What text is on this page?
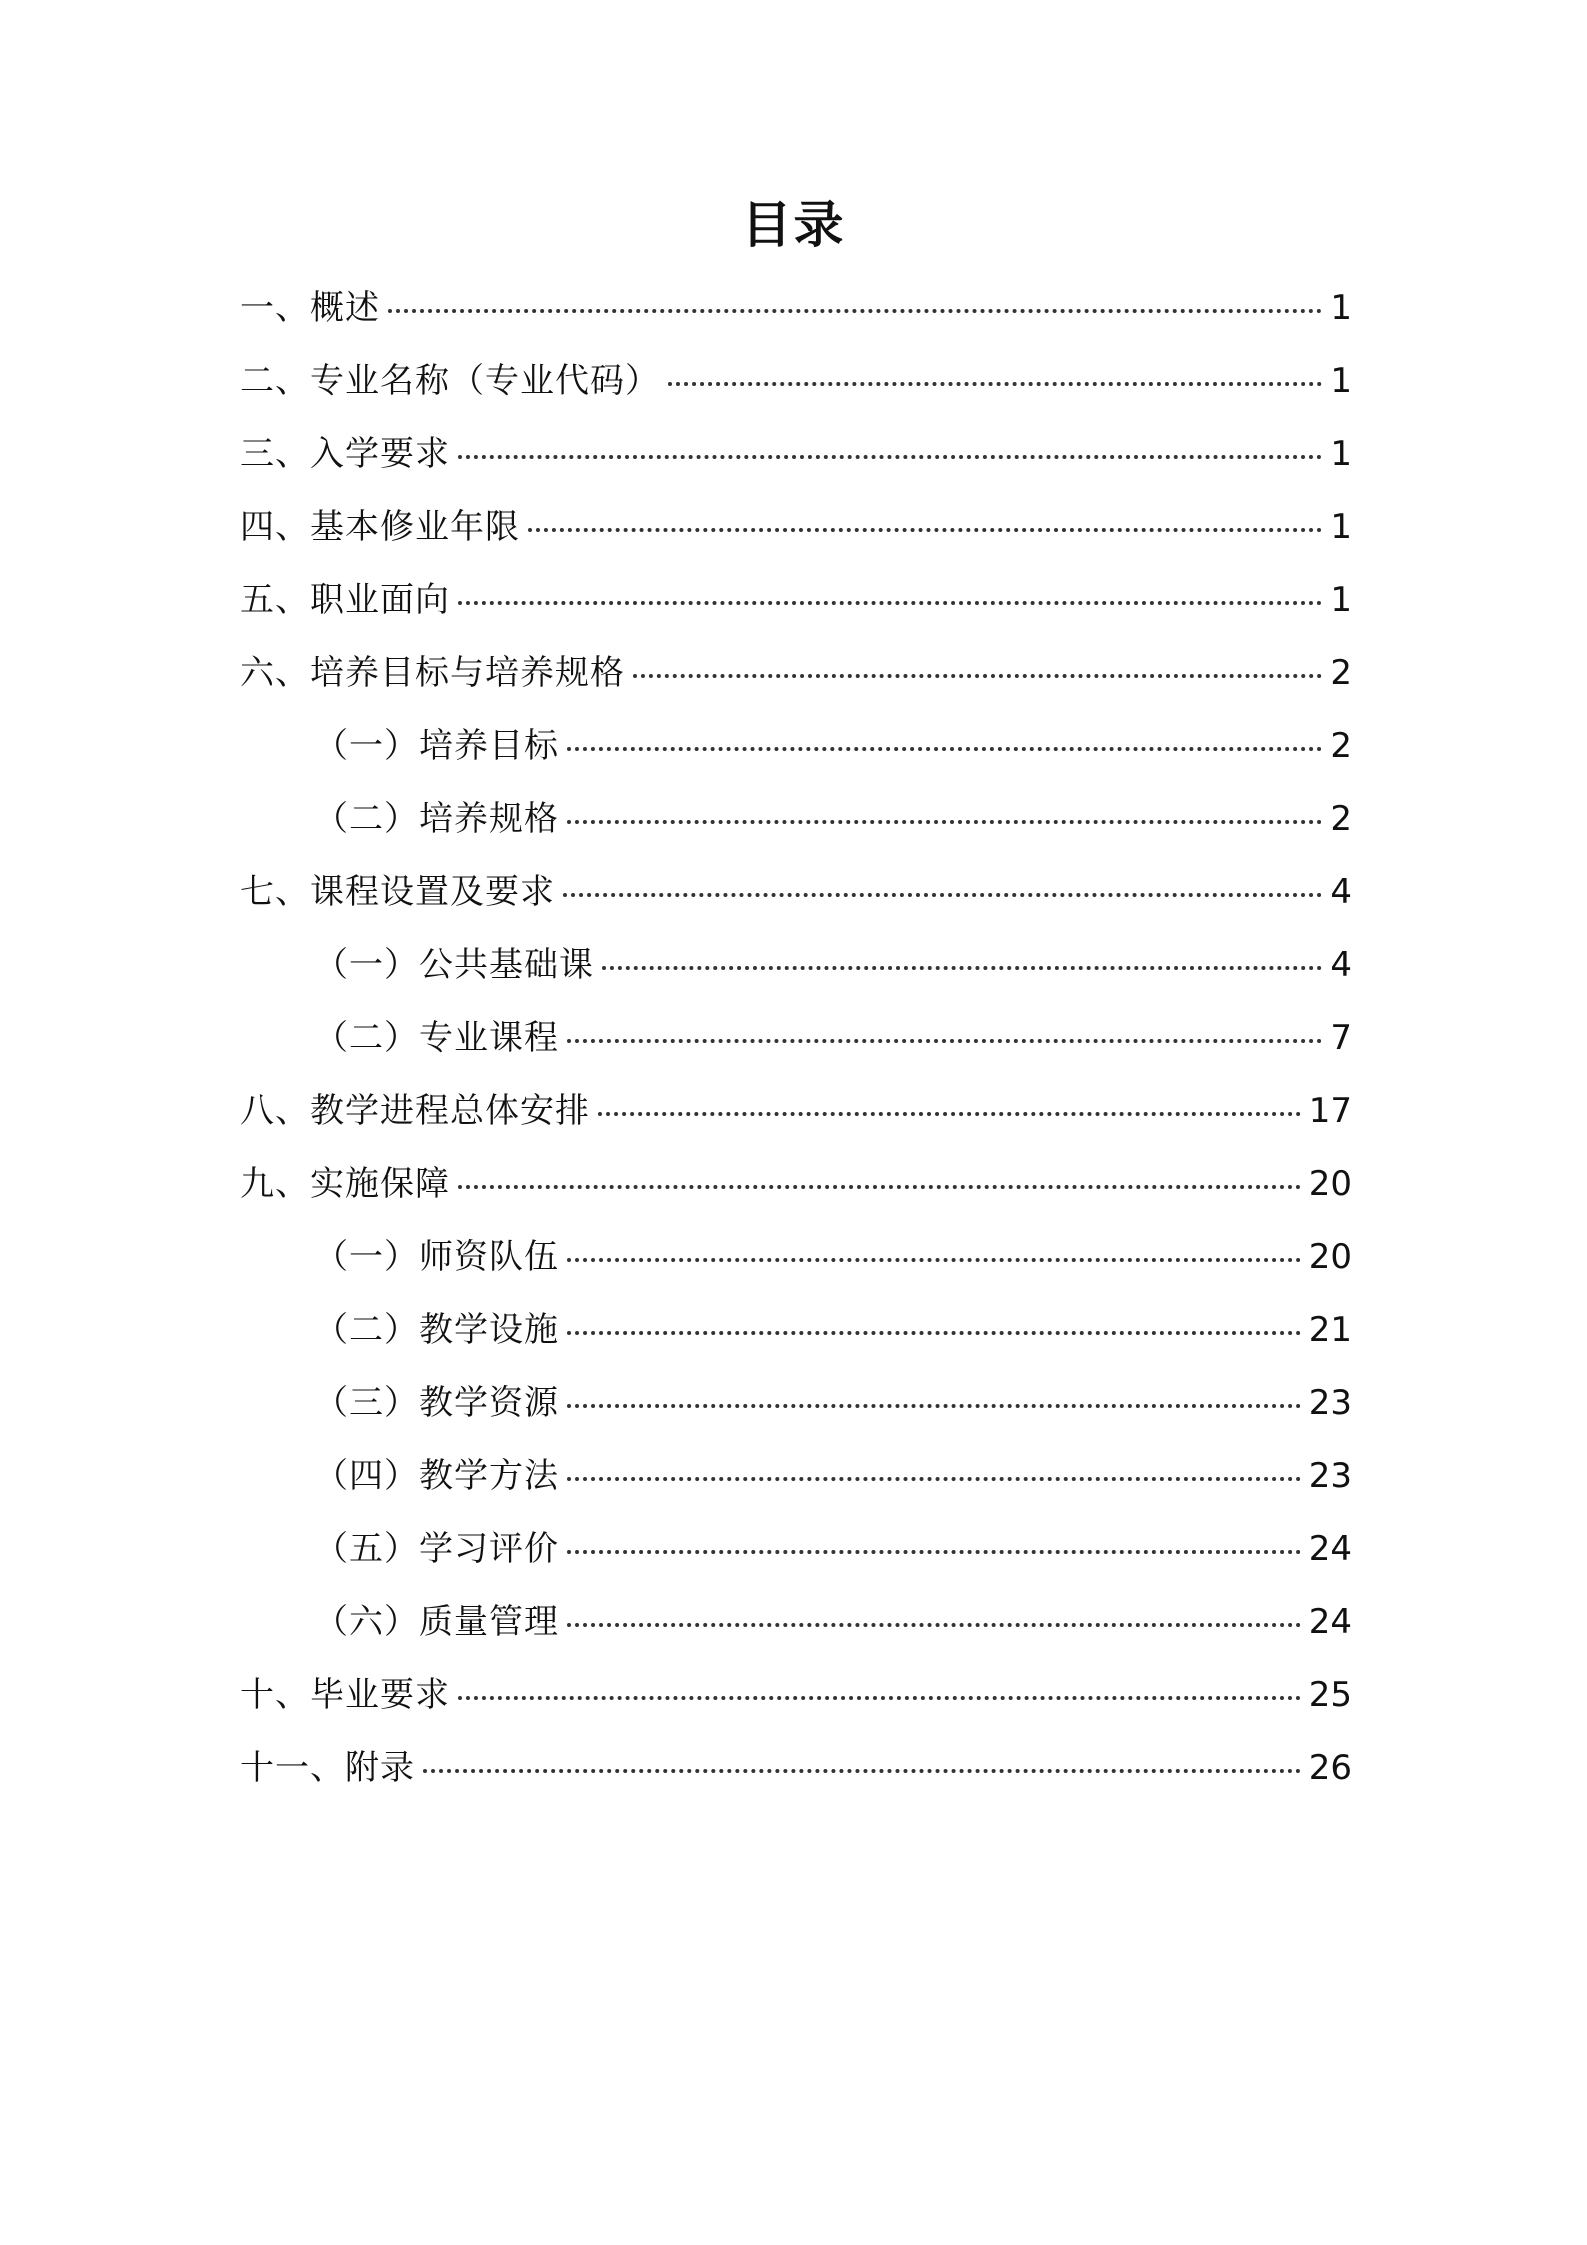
目录
一、概述	1
二、专业名称（专业代码）	1
三、入学要求	1
四、基本修业年限	1
五、职业面向	1
六、培养目标与培养规格	2
（一）培养目标	2
（二）培养规格	2
七、课程设置及要求	4
（一）公共基础课	4
（二）专业课程	7
八、教学进程总体安排	17
九、实施保障	20
（一）师资队伍	20
（二）教学设施	21
（三）教学资源	23
（四）教学方法	23
（五）学习评价	24
（六）质量管理	24
十、毕业要求	25
十一、附录	26
